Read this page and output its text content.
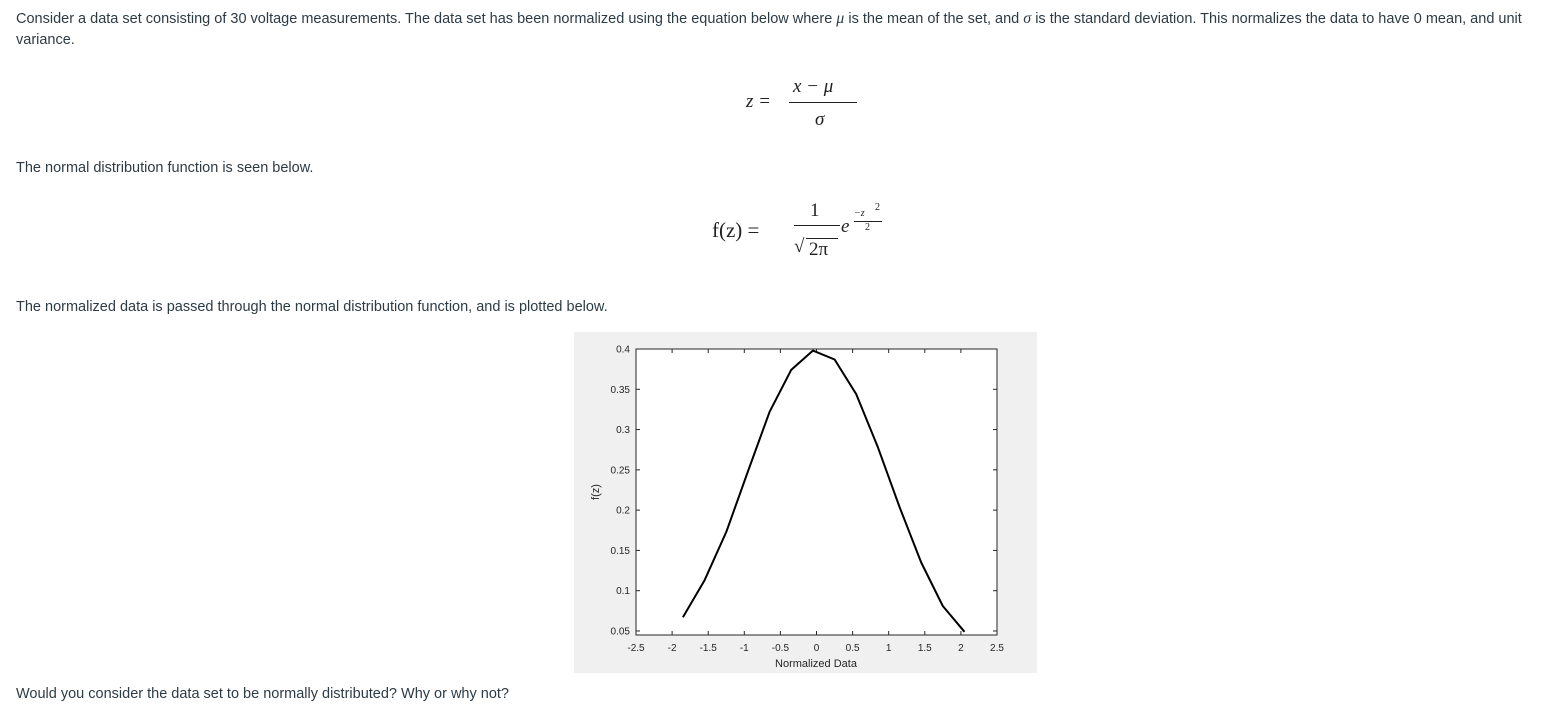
Consider a data set consisting of 30 voltage measurements. The data set has been normalized using the equation below where μ is the mean of the set, and σ is the standard deviation. This normalizes the data to have 0 mean, and unit variance.

z =
x − μ
σ

The normal distribution function is seen below.

f(z) =
1
√ 2π
e
−z
2
2

The normalized data is passed through the normal distribution function, and is plotted below.

-2.5 -2 -1.5 -1 -0.5 0	0.5	1	1.5	2	2.5
0.05
0.1
0.15
0.2
0.25
0.3
0.35
0.4
Normalized Data
f(z)

Would you consider the data set to be normally distributed? Why or why not?
